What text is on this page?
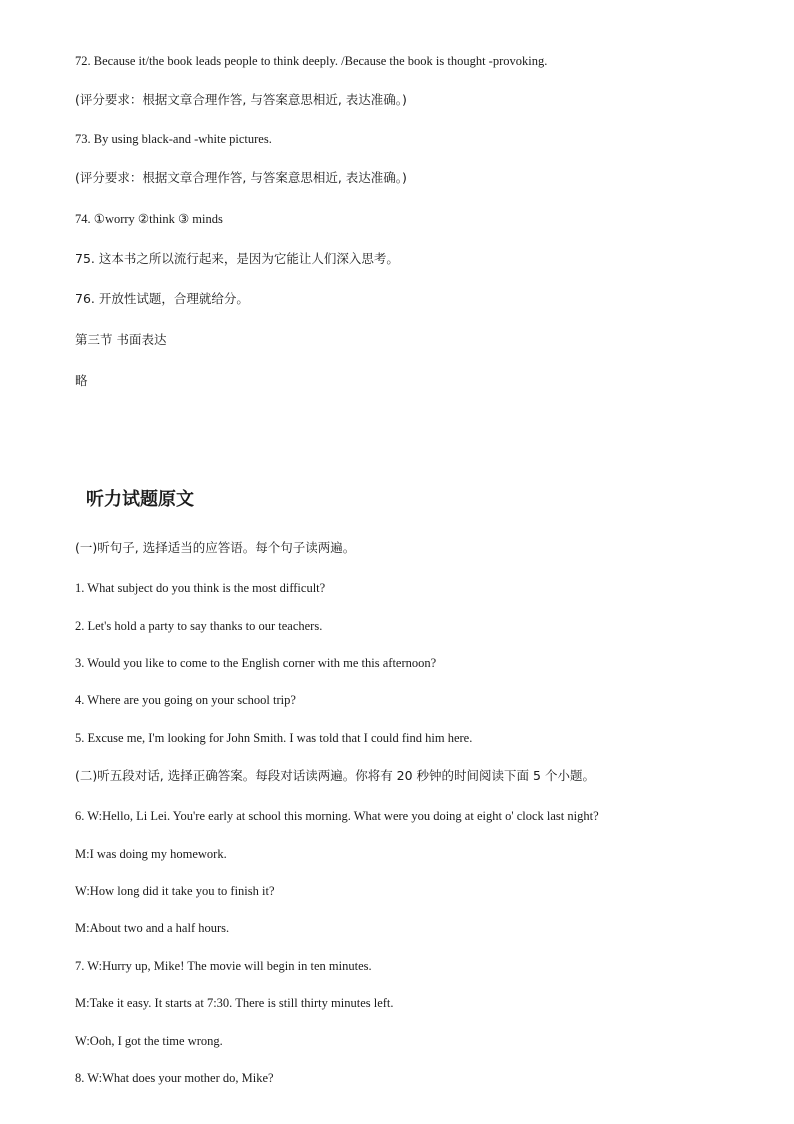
72. Because it/the book leads people to think deeply. /Because the book is thought -provoking.
(评分要求：根据文章合理作答, 与答案意思相近, 表达准确。)
73. By using black-and -white pictures.
(评分要求：根据文章合理作答, 与答案意思相近, 表达准确。)
74. ①worry ②think ③ minds
75. 这本书之所以流行起来，是因为它能让人们深入思考。
76. 开放性试题，合理就给分。
第三节 书面表达
略
听力试题原文
(一)听句子, 选择适当的应答语。每个句子读两遍。
1. What subject do you think is the most difficult?
2. Let's hold a party to say thanks to our teachers.
3. Would you like to come to the English corner with me this afternoon?
4. Where are you going on your school trip?
5. Excuse me, I'm looking for John Smith. I was told that I could find him here.
(二)听五段对话, 选择正确答案。每段对话读两遍。你将有 20 秒钟的时间阅读下面 5 个小题。
6. W:Hello, Li Lei. You're early at school this morning. What were you doing at eight o' clock last night?
M:I was doing my homework.
W:How long did it take you to finish it?
M:About two and a half hours.
7. W:Hurry up, Mike! The movie will begin in ten minutes.
M:Take it easy. It starts at 7:30. There is still thirty minutes left.
W:Ooh, I got the time wrong.
8. W:What does your mother do, Mike?
